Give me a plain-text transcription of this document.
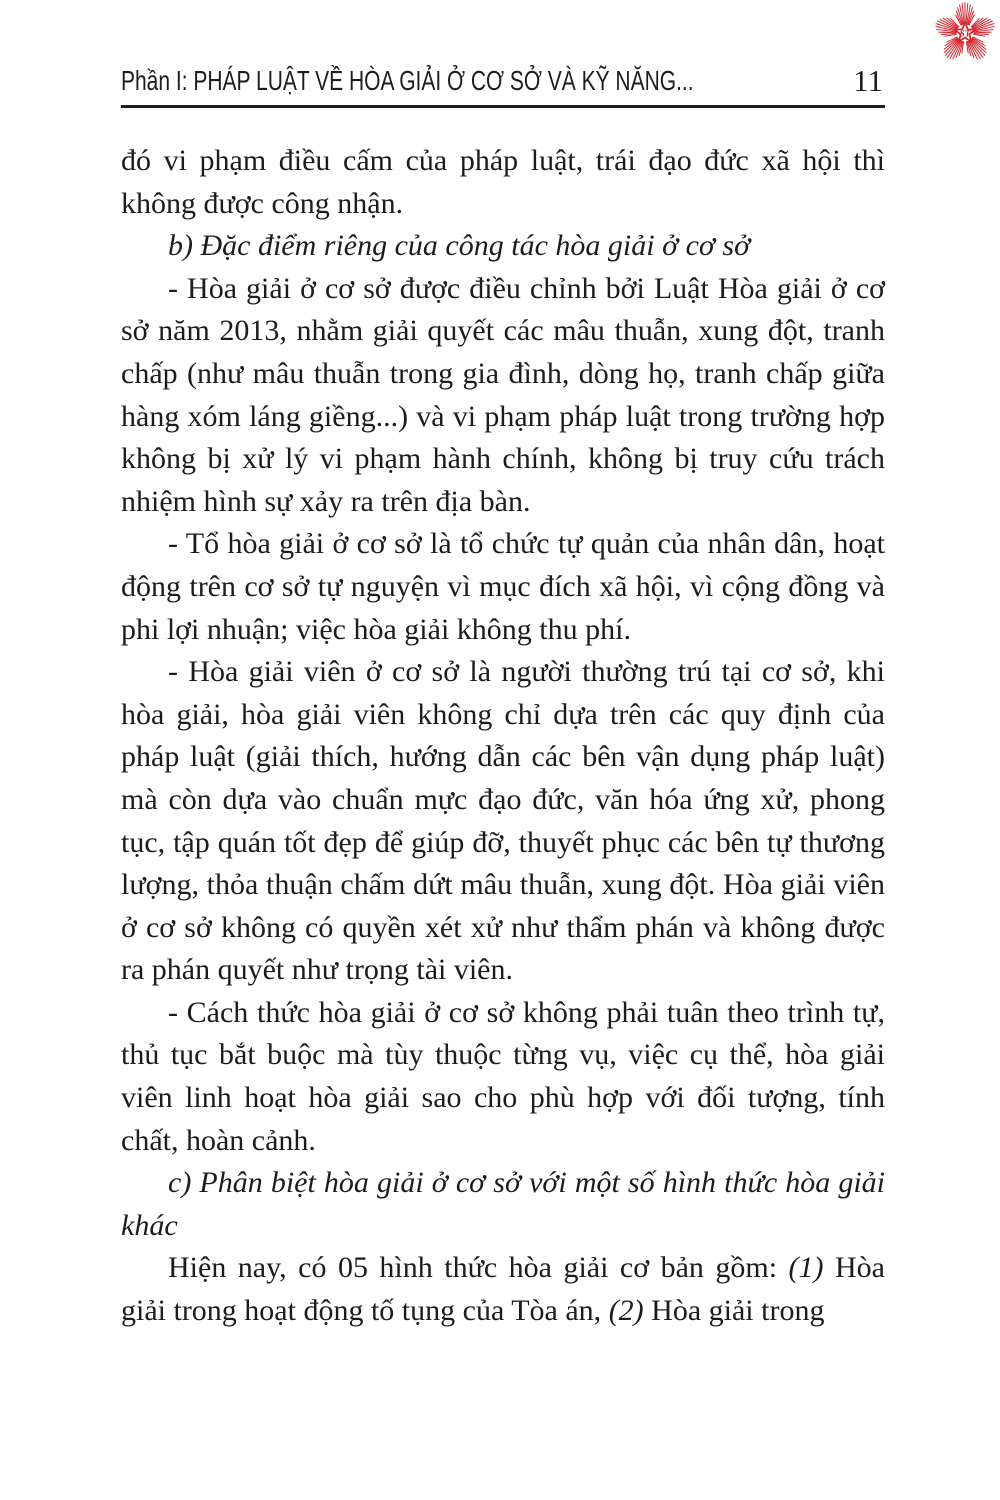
ST
Phần I: PHÁP LUẬT VỀ HÒA GIẢI Ở CƠ SỞ VÀ KỸ NĂNG...	11

đó vi phạm điều cấm của pháp luật, trái đạo đức xã hội thì không được công nhận.

b) Đặc điểm riêng của công tác hòa giải ở cơ sở

- Hòa giải ở cơ sở được điều chỉnh bởi Luật Hòa giải ở cơ sở năm 2013, nhằm giải quyết các mâu thuẫn, xung đột, tranh chấp (như mâu thuẫn trong gia đình, dòng họ, tranh chấp giữa hàng xóm láng giềng...) và vi phạm pháp luật trong trường hợp không bị xử lý vi phạm hành chính, không bị truy cứu trách nhiệm hình sự xảy ra trên địa bàn.

- Tổ hòa giải ở cơ sở là tổ chức tự quản của nhân dân, hoạt động trên cơ sở tự nguyện vì mục đích xã hội, vì cộng đồng và phi lợi nhuận; việc hòa giải không thu phí.

- Hòa giải viên ở cơ sở là người thường trú tại cơ sở, khi hòa giải, hòa giải viên không chỉ dựa trên các quy định của pháp luật (giải thích, hướng dẫn các bên vận dụng pháp luật) mà còn dựa vào chuẩn mực đạo đức, văn hóa ứng xử, phong tục, tập quán tốt đẹp để giúp đỡ, thuyết phục các bên tự thương lượng, thỏa thuận chấm dứt mâu thuẫn, xung đột. Hòa giải viên ở cơ sở không có quyền xét xử như thẩm phán và không được ra phán quyết như trọng tài viên.

- Cách thức hòa giải ở cơ sở không phải tuân theo trình tự, thủ tục bắt buộc mà tùy thuộc từng vụ, việc cụ thể, hòa giải viên linh hoạt hòa giải sao cho phù hợp với đối tượng, tính chất, hoàn cảnh.

c) Phân biệt hòa giải ở cơ sở với một số hình thức hòa giải khác

Hiện nay, có 05 hình thức hòa giải cơ bản gồm: (1) Hòa giải trong hoạt động tố tụng của Tòa án, (2) Hòa giải trong
